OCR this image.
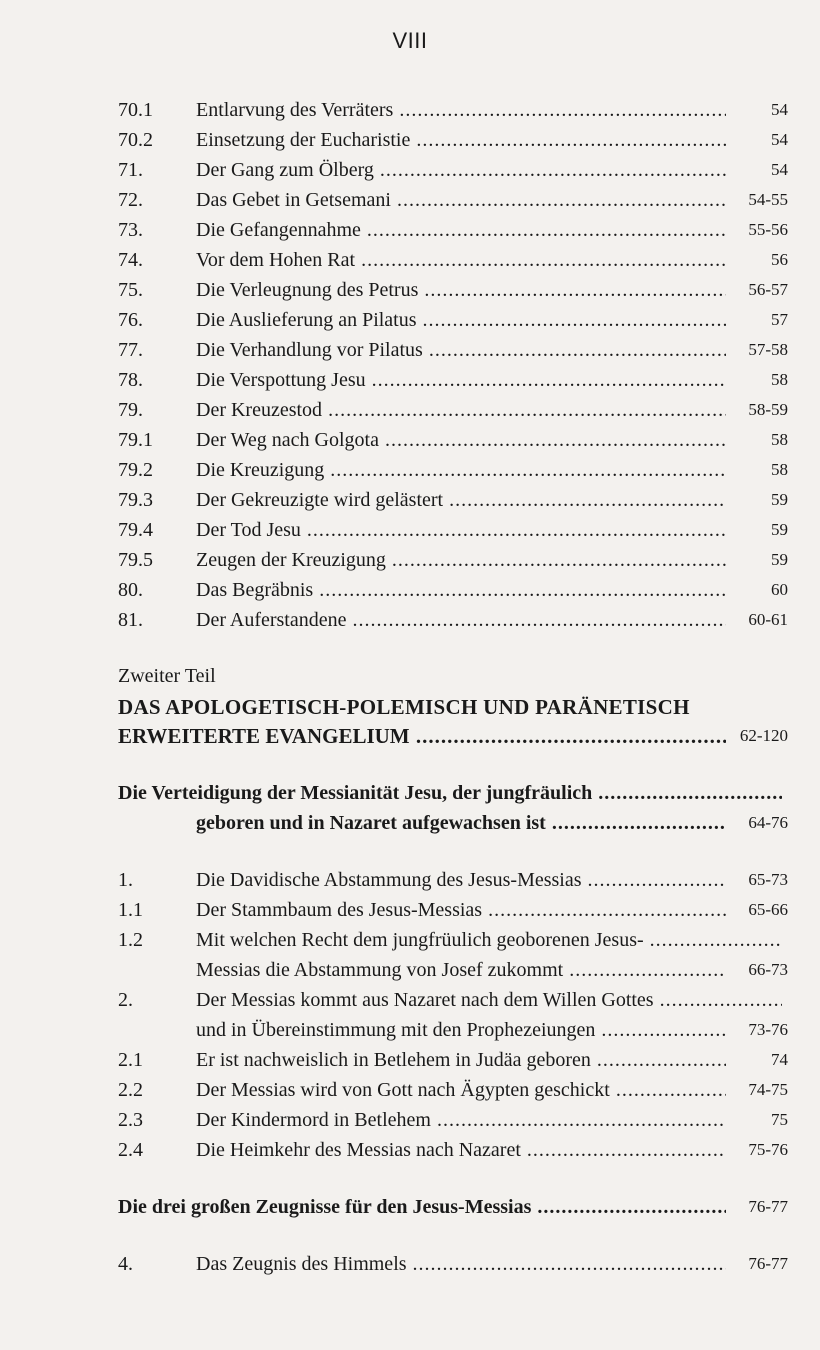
VIII
70.1 Entlarvung des Verräters .....	54
70.2 Einsetzung der Eucharistie .....	54
71.	Der Gang zum Ölberg .....	54
72.	Das Gebet in Getsemani .....	54-55
73.	Die Gefangennahme .....	55-56
74.	Vor dem Hohen Rat .....	56
75.	Die Verleugnung des Petrus .....	56-57
76.	Die Auslieferung an Pilatus .....	57
77.	Die Verhandlung vor Pilatus .....	57-58
78.	Die Verspottung Jesu .....	58
79.	Der Kreuzestod .....	58-59
79.1 Der Weg nach Golgota .....	58
79.2 Die Kreuzigung .....	58
79.3 Der Gekreuzigte wird gelästert .....	59
79.4 Der Tod Jesu .....	59
79.5 Zeugen der Kreuzigung .....	59
80.	Das Begräbnis .....	60
81.	Der Auferstandene .....	60-61
Zweiter Teil
DAS APOLOGETISCH-POLEMISCH UND PARÄNETISCH
ERWEITERTE EVANGELIUM .....	62-120
Die Verteidigung der Messianität Jesu, der jungfräulich .....
geboren und in Nazaret aufgewachsen ist .....	64-76
1.	Die Davidische Abstammung des Jesus-Messias .....	65-73
1.1	Der Stammbaum des Jesus-Messias .....	65-66
1.2	Mit welchen Recht dem jungfrüulich geoborenen Jesus- .....
Messias die Abstammung von Josef zukommt .....	66-73
2.	Der Messias kommt aus Nazaret nach dem Willen Gottes .....
und in Übereinstimmung mit den Prophezeiungen .....	73-76
2.1	Er ist nachweislich in Betlehem in Judäa geboren .....	74
2.2	Der Messias wird von Gott nach Ägypten geschickt .....	74-75
2.3	Der Kindermord in Betlehem .....	75
2.4	Die Heimkehr des Messias nach Nazaret .....	75-76
Die drei großen Zeugnisse für den Jesus-Messias .....	76-77
4.	Das Zeugnis des Himmels .....	76-77
